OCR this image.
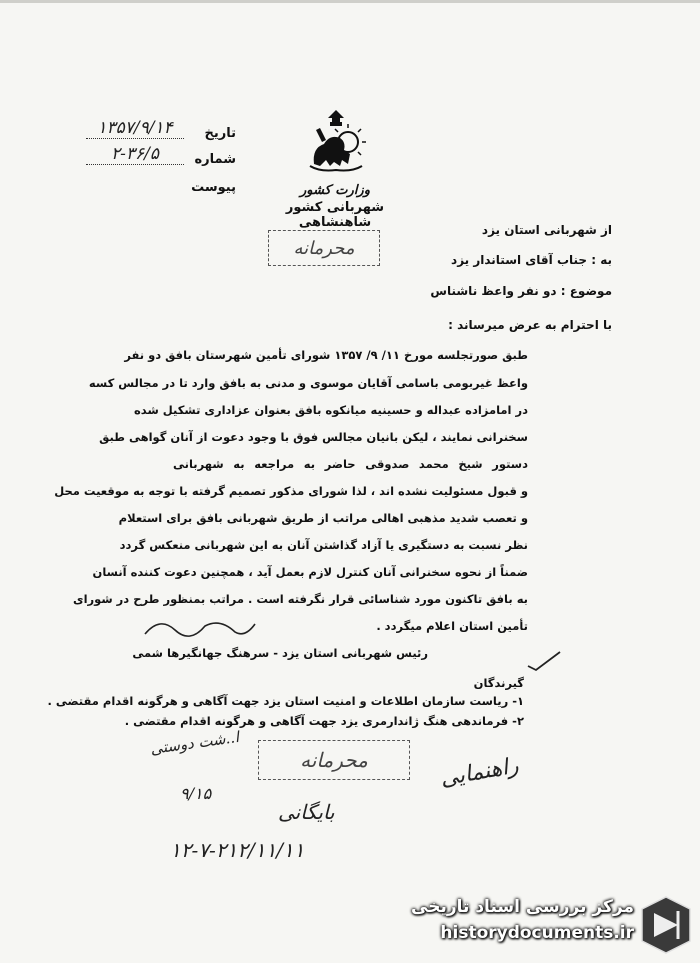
وزارت کشور
شهربانی کشور شاهنشاهی
تاریخ
۱۳۵۷/۹/۱۴
شماره
۲-۳۶/۵
پیوست
محرمانه
از شهربانی استان یزد
به : جناب آقای استاندار یزد
موضوع : دو نفر واعظ ناشناس
با احترام به عرض میرساند :
طبق صورتجلسه مورخ ۱۱/ ۹/ ۱۳۵۷ شورای تأمین شهرستان بافق دو نفر
واعظ غیربومی باسامی آقایان موسوی و مدنی به بافق وارد تا در مجالس کسه
در امامزاده عبداله و حسینیه میانکوه بافق بعنوان عزاداری تشکیل شده
سخنرانی نمایند ، لیکن بانیان مجالس فوق با وجود دعوت از آنان گواهی طبق
دستور شیخ محمد صدوقی حاضر به مراجعه به شهربانی
و قبول مسئولیت نشده اند ، لذا شورای مذکور تصمیم گرفته با توجه به موقعیت محل
و تعصب شدید مذهبی اهالی مراتب از طریق شهربانی بافق برای استعلام
نظر نسبت به دستگیری یا آزاد گذاشتن آنان به این شهربانی منعکس گردد
ضمناً از نحوه سخنرانی آنان کنترل لازم بعمل آید ، همچنین دعوت کننده آنسان
به بافق تاکنون مورد شناسائی قرار نگرفته است . مراتب بمنظور طرح در شورای
تأمین استان اعلام میگردد .
رئیس شهربانی استان یزد - سرهنگ جهانگیرها شمی
گیرندگان
۱- ریاست سازمان اطلاعات و امنیت استان یزد جهت آگاهی و هرگونه اقدام مقتضی .
۲- فرماندهی هنگ ژاندارمری یزد جهت آگاهی و هرگونه اقدام مقتضی .
ا..شت دوستی
محرمانه	راهنمایی
۹/۱۵
بایگانی
۱۲-۷-۲۱۲/۱۱/۱۱
مرکز بررسی اسناد تاریخی
historydocuments.ir
